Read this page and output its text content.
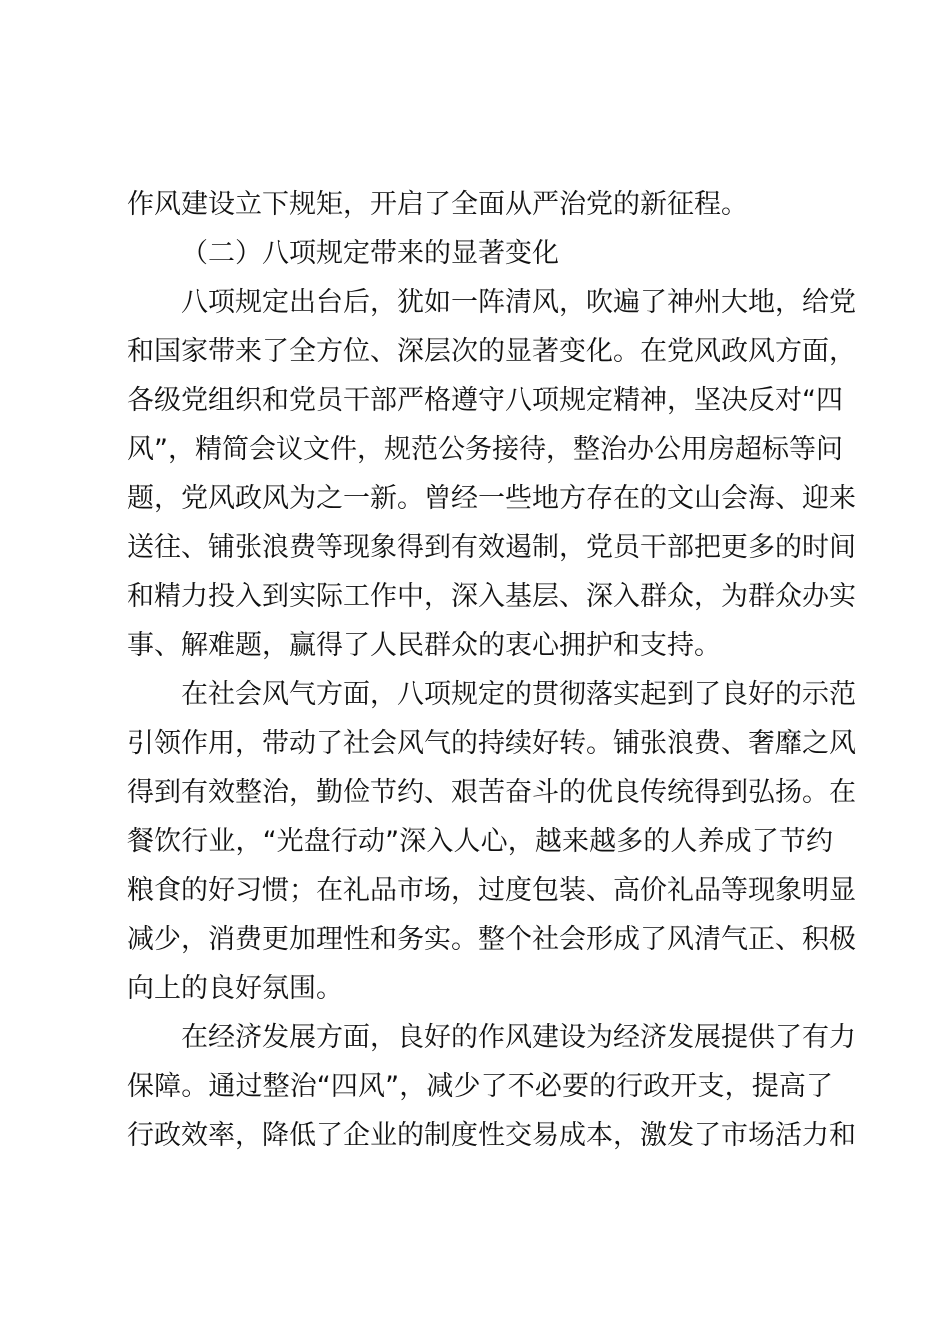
作风建设立下规矩，开启了全面从严治党的新征程。

（二）八项规定带来的显著变化

八项规定出台后，犹如一阵清风，吹遍了神州大地，给党
和国家带来了全方位、深层次的显著变化。在党风政风方面，
各级党组织和党员干部严格遵守八项规定精神，坚决反对“四
风”，精简会议文件，规范公务接待，整治办公用房超标等问
题，党风政风为之一新。曾经一些地方存在的文山会海、迎来
送往、铺张浪费等现象得到有效遏制，党员干部把更多的时间
和精力投入到实际工作中，深入基层、深入群众，为群众办实
事、解难题，赢得了人民群众的衷心拥护和支持。

在社会风气方面，八项规定的贯彻落实起到了良好的示范
引领作用，带动了社会风气的持续好转。铺张浪费、奢靡之风
得到有效整治，勤俭节约、艰苦奋斗的优良传统得到弘扬。在
餐饮行业，“光盘行动”深入人心，越来越多的人养成了节约
粮食的好习惯；在礼品市场，过度包装、高价礼品等现象明显
减少，消费更加理性和务实。整个社会形成了风清气正、积极
向上的良好氛围。

在经济发展方面，良好的作风建设为经济发展提供了有力
保障。通过整治“四风”，减少了不必要的行政开支，提高了
行政效率，降低了企业的制度性交易成本，激发了市场活力和
